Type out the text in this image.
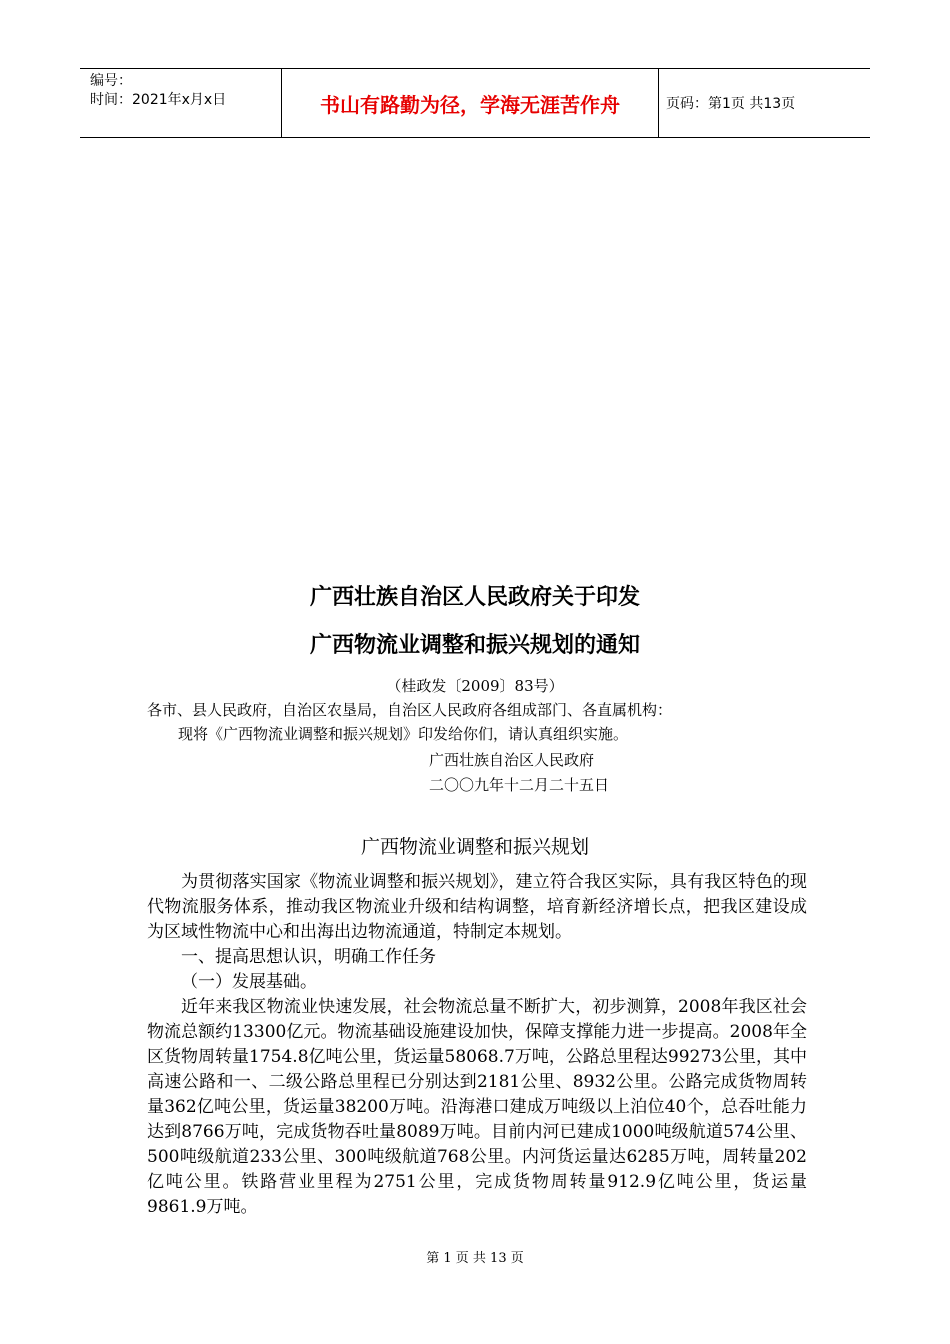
编号：
时间：2021年x月x日	书山有路勤为径，学海无涯苦作舟	页码：第1页 共13页
广西壮族自治区人民政府关于印发
广西物流业调整和振兴规划的通知
（桂政发〔2009〕83号）
各市、县人民政府，自治区农垦局，自治区人民政府各组成部门、各直属机构：
现将《广西物流业调整和振兴规划》印发给你们，请认真组织实施。
广西壮族自治区人民政府
二〇〇九年十二月二十五日
广西物流业调整和振兴规划

为贯彻落实国家《物流业调整和振兴规划》，建立符合我区实际，具有我区特色的现代物流服务体系，推动我区物流业升级和结构调整，培育新经济增长点，把我区建设成为区域性物流中心和出海出边物流通道，特制定本规划。

一、提高思想认识，明确工作任务

（一）发展基础。

近年来我区物流业快速发展，社会物流总量不断扩大，初步测算，2008年我区社会物流总额约13300亿元。物流基础设施建设加快，保障支撑能力进一步提高。2008年全区货物周转量1754.8亿吨公里，货运量58068.7万吨，公路总里程达99273公里，其中高速公路和一、二级公路总里程已分别达到2181公里、8932公里。公路完成货物周转量362亿吨公里，货运量38200万吨。沿海港口建成万吨级以上泊位40个，总吞吐能力达到8766万吨，完成货物吞吐量8089万吨。目前内河已建成1000吨级航道574公里、500吨级航道233公里、300吨级航道768公里。内河货运量达6285万吨，周转量202亿吨公里。铁路营业里程为2751公里，完成货物周转量912.9亿吨公里，货运量9861.9万吨。

第 1 页 共 13 页
